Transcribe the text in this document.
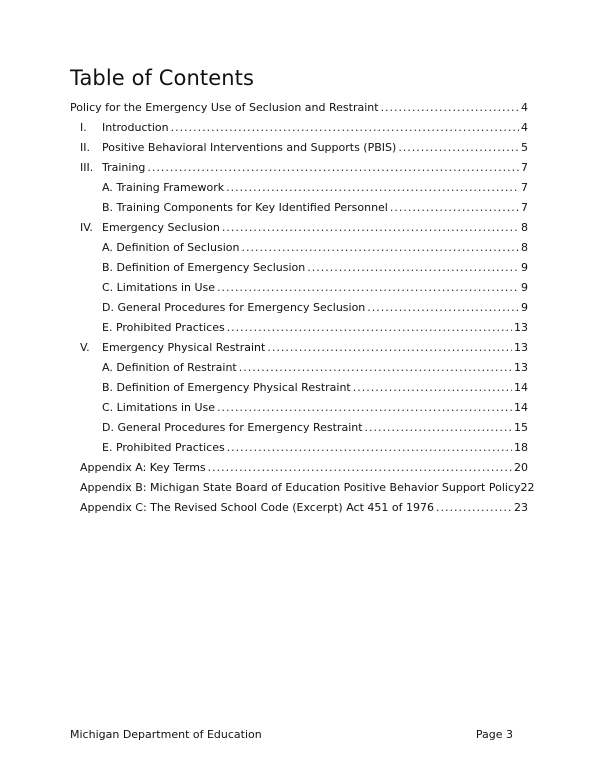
Table of Contents
Policy for the Emergency Use of Seclusion and Restraint .....	4
I. Introduction .....	4
II. Positive Behavioral Interventions and Supports (PBIS) .....	5
III. Training .....	7
A. Training Framework .....	7
B. Training Components for Key Identified Personnel .....	7
IV. Emergency Seclusion .....	8
A. Definition of Seclusion .....	8
B. Definition of Emergency Seclusion .....	9
C. Limitations in Use .....	9
D. General Procedures for Emergency Seclusion .....	9
E. Prohibited Practices .....	13
V. Emergency Physical Restraint .....	13
A. Definition of Restraint .....	13
B. Definition of Emergency Physical Restraint .....	14
C. Limitations in Use .....	14
D. General Procedures for Emergency Restraint .....	15
E. Prohibited Practices .....	18
Appendix A: Key Terms .....	20
Appendix B: Michigan State Board of Education Positive Behavior Support Policy 22
Appendix C: The Revised School Code (Excerpt) Act 451 of 1976 .....	23
Michigan Department of Education	Page 3
